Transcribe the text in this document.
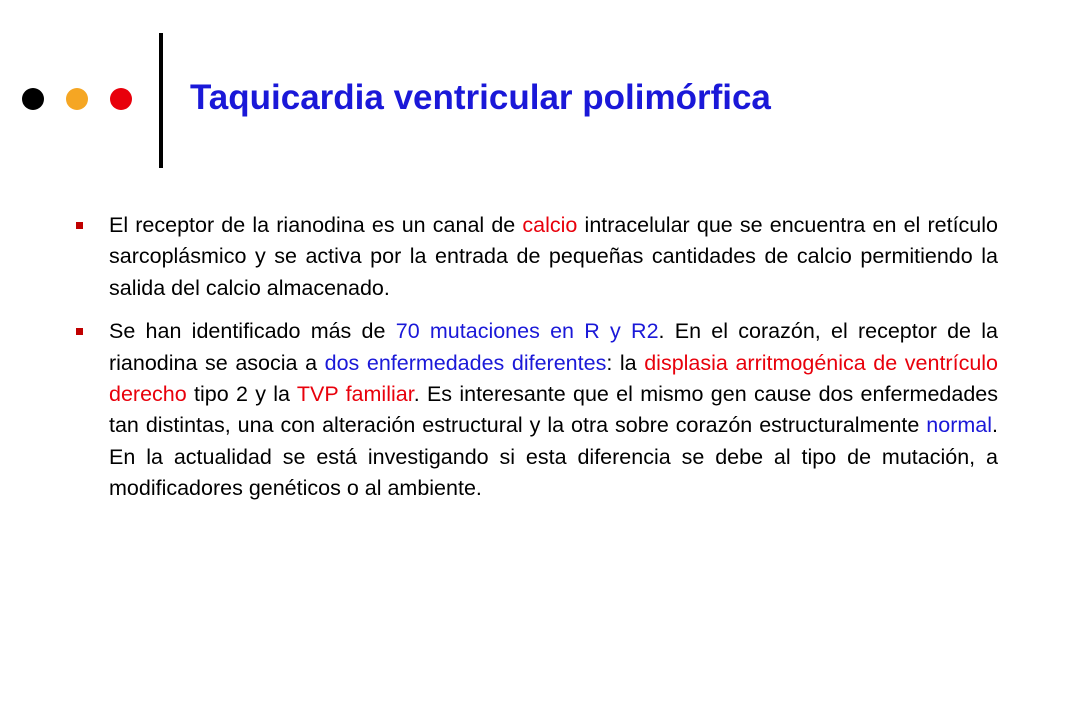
Taquicardia ventricular polimórfica
El receptor de la rianodina es un canal de calcio intracelular que se encuentra en el retículo sarcoplásmico y se activa por la entrada de pequeñas cantidades de calcio permitiendo la salida del calcio almacenado.
Se han identificado más de 70 mutaciones en R y R2. En el corazón, el receptor de la rianodina se asocia a dos enfermedades diferentes: la displasia arritmogénica de ventrículo derecho tipo 2 y la TVP familiar. Es interesante que el mismo gen cause dos enfermedades tan distintas, una con alteración estructural y la otra sobre corazón estructuralmente normal. En la actualidad se está investigando si esta diferencia se debe al tipo de mutación, a modificadores genéticos o al ambiente.
